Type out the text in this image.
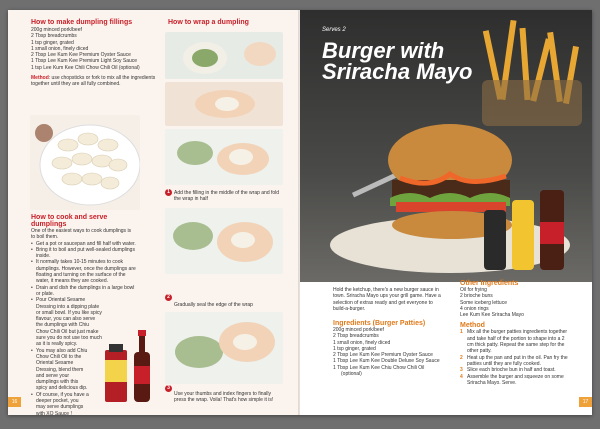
How to make dumpling fillings
200g minced pork/beef
2 Tbsp breadcrumbs
1 tsp ginger, grated
1 small onion, finely diced
2 Tbsp Lee Kum Kee Premium Oyster Sauce
1 Tbsp Lee Kum Kee Premium Light Soy Sauce
1 tsp Lee Kum Kee Chili Chow Chili Oil (optional)
Method: use chopsticks or fork to mix all the ingredients together until they are all fully combined.
How to cook and serve dumplings
One of the easiest ways to cook dumplings is to boil them.
• Get a pot or saucepan and fill half with water.
• Bring it to boil and put well-sealed dumplings inside.
• It normally takes 10-15 minutes to cook dumplings. However, once the dumplings are floating and turning on the surface of the water, it means they are cooked.
• Drain and dish the dumplings in a large bowl or plate.
• Pour Oriental Sesame Dressing into a dipping plate or small bowl. If you like spicy flavour, you can also serve the dumplings with Chiu Chow Chili Oil but just make sure you do not use too much as it is really spicy.
• You may also add Chiu Chow Chili Oil to the Oriental Sesame Dressing, blend them and serve your dumplings with this spicy and delicious dip.
• Of course, if you have a deeper pocket, you may serve dumplings with XO Sauce !
How to wrap a dumpling
1 Add the filling in the middle of the wrap and fold the wrap in half
2
Gradually seal the edge of the wrap
3
Use your thumbs and index fingers to finally press the wrap. Voila! That's how simple it is!
16
Serves 2
Burger with
Sriracha Mayo
Hold the ketchup, there's a new burger sauce in town. Sriracha Mayo ups your grill game. Have a selection of extras ready and get everyone to build-a-burger.
Ingredients (Burger Patties)
200g minced pork/beef
2 Tbsp breadcrumbs
1 small onion, finely diced
1 tsp ginger, grated
2 Tbsp Lee Kum Kee Premium Oyster Sauce
1 Tbsp Lee Kum Kee Double Deluxe Soy Sauce
1 Tbsp Lee Kum Kee Chiu Chow Chili Oil
(optional)
Other Ingredients
Oil for frying
2 brioche buns
Some iceberg lettuce
4 onion rings
Lee Kum Kee Sriracha Mayo
Method
1 Mix all the burger patties ingredients together and take half of the portion to shape into a 2 cm thick patty. Repeat the same step for the other patty.
2 Heat up the pan and put in the oil. Pan fry the patties until they are fully cooked.
3 Slice each brioche bun in half and toast.
4 Assemble the burger and squeeze on some Sriracha Mayo. Serve.
17
